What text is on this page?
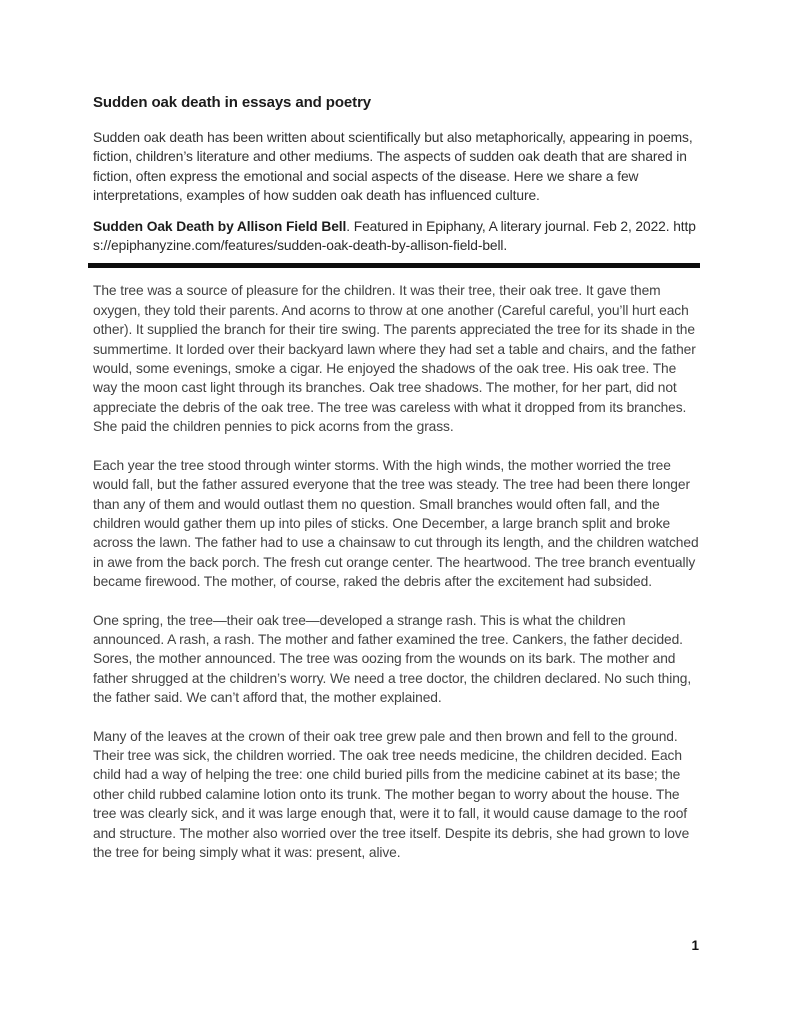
Sudden oak death in essays and poetry

Sudden oak death has been written about scientifically but also metaphorically, appearing in poems, fiction, children’s literature and other mediums. The aspects of sudden oak death that are shared in fiction, often express the emotional and social aspects of the disease. Here we share a few interpretations, examples of how sudden oak death has influenced culture.

Sudden Oak Death by Allison Field Bell. Featured in Epiphany, A literary journal. Feb 2, 2022. https://epiphanyzine.com/features/sudden-oak-death-by-allison-field-bell.

The tree was a source of pleasure for the children. It was their tree, their oak tree. It gave them oxygen, they told their parents. And acorns to throw at one another (Careful careful, you’ll hurt each other). It supplied the branch for their tire swing. The parents appreciated the tree for its shade in the summertime. It lorded over their backyard lawn where they had set a table and chairs, and the father would, some evenings, smoke a cigar. He enjoyed the shadows of the oak tree. His oak tree. The way the moon cast light through its branches. Oak tree shadows. The mother, for her part, did not appreciate the debris of the oak tree. The tree was careless with what it dropped from its branches. She paid the children pennies to pick acorns from the grass.

Each year the tree stood through winter storms. With the high winds, the mother worried the tree would fall, but the father assured everyone that the tree was steady. The tree had been there longer than any of them and would outlast them no question. Small branches would often fall, and the children would gather them up into piles of sticks. One December, a large branch split and broke across the lawn. The father had to use a chainsaw to cut through its length, and the children watched in awe from the back porch. The fresh cut orange center. The heartwood. The tree branch eventually became firewood. The mother, of course, raked the debris after the excitement had subsided.

One spring, the tree—their oak tree—developed a strange rash. This is what the children announced. A rash, a rash. The mother and father examined the tree. Cankers, the father decided. Sores, the mother announced. The tree was oozing from the wounds on its bark. The mother and father shrugged at the children’s worry. We need a tree doctor, the children declared. No such thing, the father said. We can’t afford that, the mother explained.

Many of the leaves at the crown of their oak tree grew pale and then brown and fell to the ground. Their tree was sick, the children worried. The oak tree needs medicine, the children decided. Each child had a way of helping the tree: one child buried pills from the medicine cabinet at its base; the other child rubbed calamine lotion onto its trunk. The mother began to worry about the house. The tree was clearly sick, and it was large enough that, were it to fall, it would cause damage to the roof and structure. The mother also worried over the tree itself. Despite its debris, she had grown to love the tree for being simply what it was: present, alive.

1
